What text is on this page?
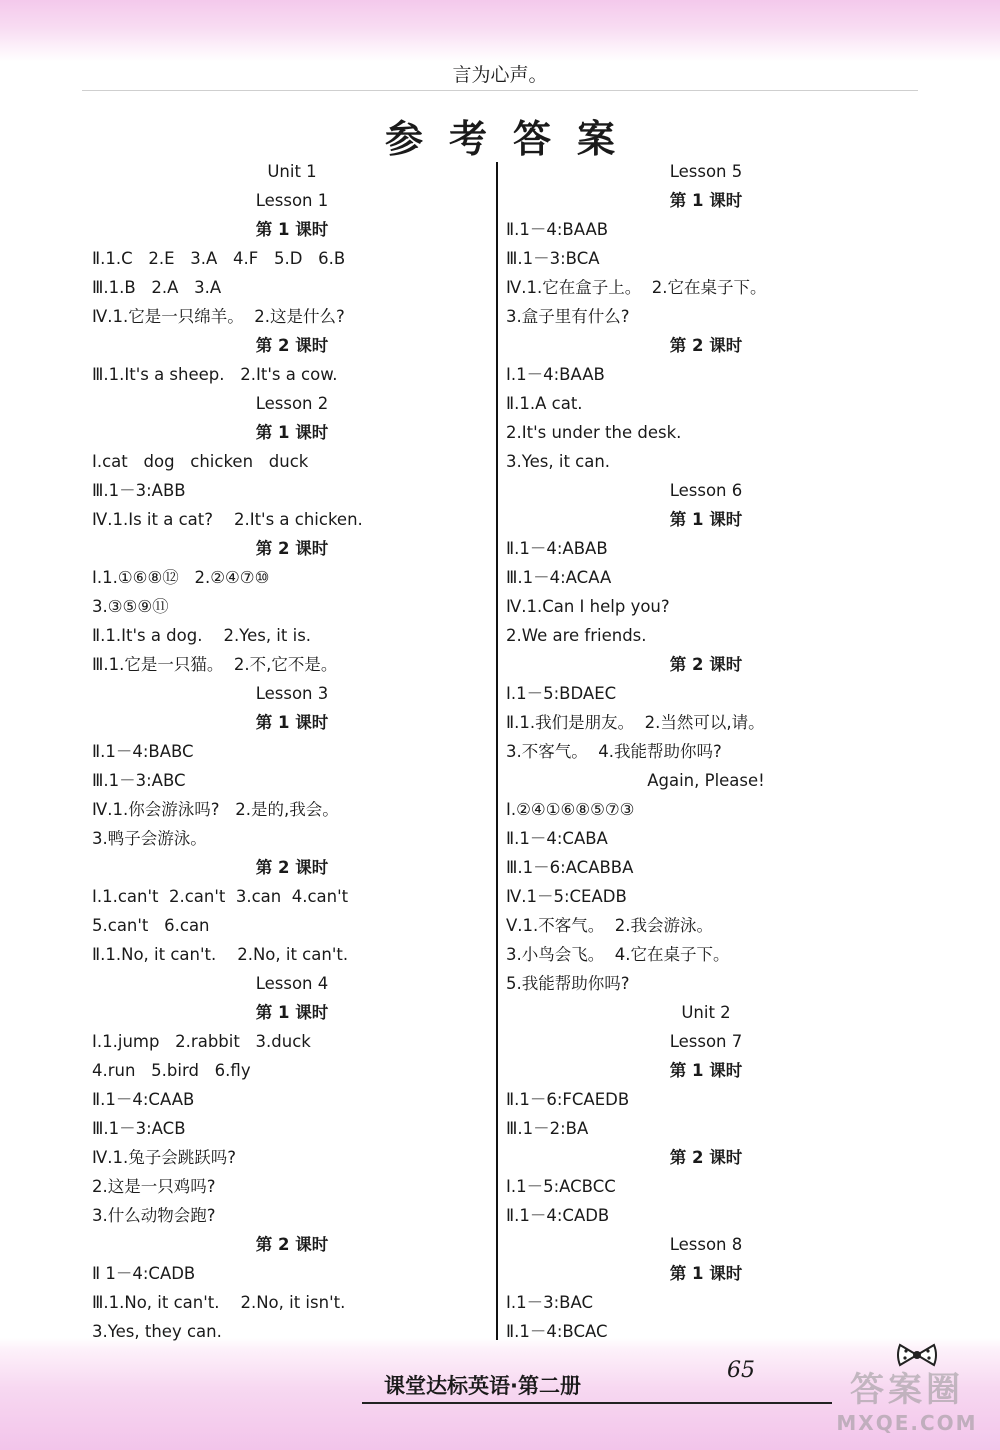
言为心声。
参考答案
Unit 1
Lesson 1
第 1 课时
Ⅱ.1.C   2.E   3.A   4.F   5.D   6.B
Ⅲ.1.B   2.A   3.A
Ⅳ.1.它是一只绵羊。  2.这是什么?
第 2 课时
Ⅲ.1.It's a sheep.   2.It's a cow.
Lesson 2
第 1 课时
Ⅰ.cat   dog   chicken   duck
Ⅲ.1－3:ABB
Ⅳ.1.Is it a cat?    2.It's a chicken.
第 2 课时
Ⅰ.1.①⑥⑧⑫   2.②④⑦⑩
3.③⑤⑨⑪
Ⅱ.1.It's a dog.    2.Yes, it is.
Ⅲ.1.它是一只猫。  2.不,它不是。
Lesson 3
第 1 课时
Ⅱ.1－4:BABC
Ⅲ.1－3:ABC
Ⅳ.1.你会游泳吗?   2.是的,我会。
3.鸭子会游泳。
第 2 课时
Ⅰ.1.can't  2.can't  3.can  4.can't
5.can't   6.can
Ⅱ.1.No, it can't.    2.No, it can't.
Lesson 4
第 1 课时
Ⅰ.1.jump   2.rabbit   3.duck
4.run   5.bird   6.fly
Ⅱ.1－4:CAAB
Ⅲ.1－3:ACB
Ⅳ.1.兔子会跳跃吗?
2.这是一只鸡吗?
3.什么动物会跑?
第 2 课时
Ⅱ 1－4:CADB
Ⅲ.1.No, it can't.    2.No, it isn't.
3.Yes, they can.
Lesson 5
第 1 课时
Ⅱ.1－4:BAAB
Ⅲ.1－3:BCA
Ⅳ.1.它在盒子上。  2.它在桌子下。
3.盒子里有什么?
第 2 课时
Ⅰ.1－4:BAAB
Ⅱ.1.A cat.
2.It's under the desk.
3.Yes, it can.
Lesson 6
第 1 课时
Ⅱ.1－4:ABAB
Ⅲ.1－4:ACAA
Ⅳ.1.Can I help you?
2.We are friends.
第 2 课时
Ⅰ.1－5:BDAEC
Ⅱ.1.我们是朋友。  2.当然可以,请。
3.不客气。  4.我能帮助你吗?
Again, Please!
Ⅰ.②④①⑥⑧⑤⑦③
Ⅱ.1－4:CABA
Ⅲ.1－6:ACABBA
Ⅳ.1－5:CEADB
Ⅴ.1.不客气。  2.我会游泳。
3.小鸟会飞。  4.它在桌子下。
5.我能帮助你吗?
Unit 2
Lesson 7
第 1 课时
Ⅱ.1－6:FCAEDB
Ⅲ.1－2:BA
第 2 课时
Ⅰ.1－5:ACBCC
Ⅱ.1－4:CADB
Lesson 8
第 1 课时
Ⅰ.1－3:BAC
Ⅱ.1－4:BCAC
65
课堂达标英语·第二册	答案圈
MXQE.COM
